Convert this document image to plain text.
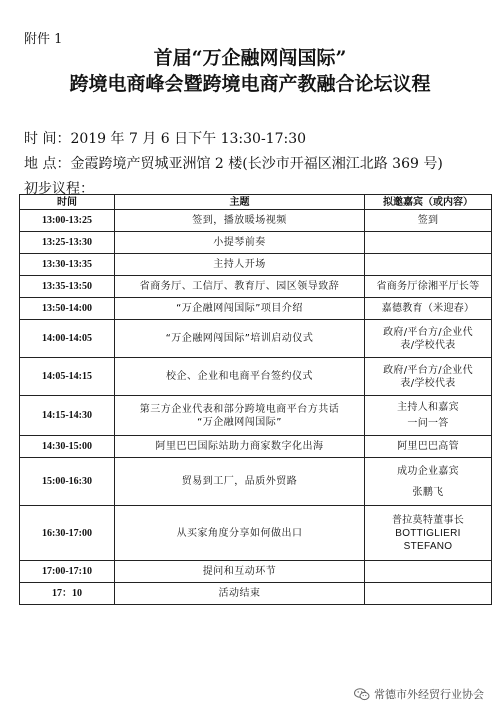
附件 1
首届“万企融网闯国际”
跨境电商峰会暨跨境电商产教融合论坛议程
时 间：2019 年 7 月 6 日下午 13:30-17:30
地 点：金霞跨境产贸城亚洲馆 2 楼(长沙市开福区湘江北路 369 号)
初步议程：
时间	主题	拟邀嘉宾（或内容）
13:00-13:25	签到，播放暖场视频	签到

13:25-13:30	小提琴前奏	

13:30-13:35	主持人开场	

13:35-13:50	省商务厅、工信厅、教育厅、园区领导致辞	省商务厅徐湘平厅长等

13:50-14:00	“万企融网闯国际”项目介绍	嘉德教育（米迎春）

14:00-14:05	“万企融网闯国际”培训启动仪式	政府/平台方/企业代
表/学校代表

14:05-14:15	校企、企业和电商平台签约仪式	政府/平台方/企业代
表/学校代表

14:15-14:30	第三方企业代表和部分跨境电商平台方共话
“万企融网闯国际”	主持人和嘉宾
一问一答

14:30-15:00	阿里巴巴国际站助力商家数字化出海	阿里巴巴高管

15:00-16:30	贸易到工厂，品质外贸路	成功企业嘉宾
张鹏飞

16:30-17:00	从买家角度分享如何做出口	普拉莫特董事长
BOTTIGLIERI
STEFANO

17:00-17:10	提问和互动环节	

17：10	活动结束	

常德市外经贸行业协会
